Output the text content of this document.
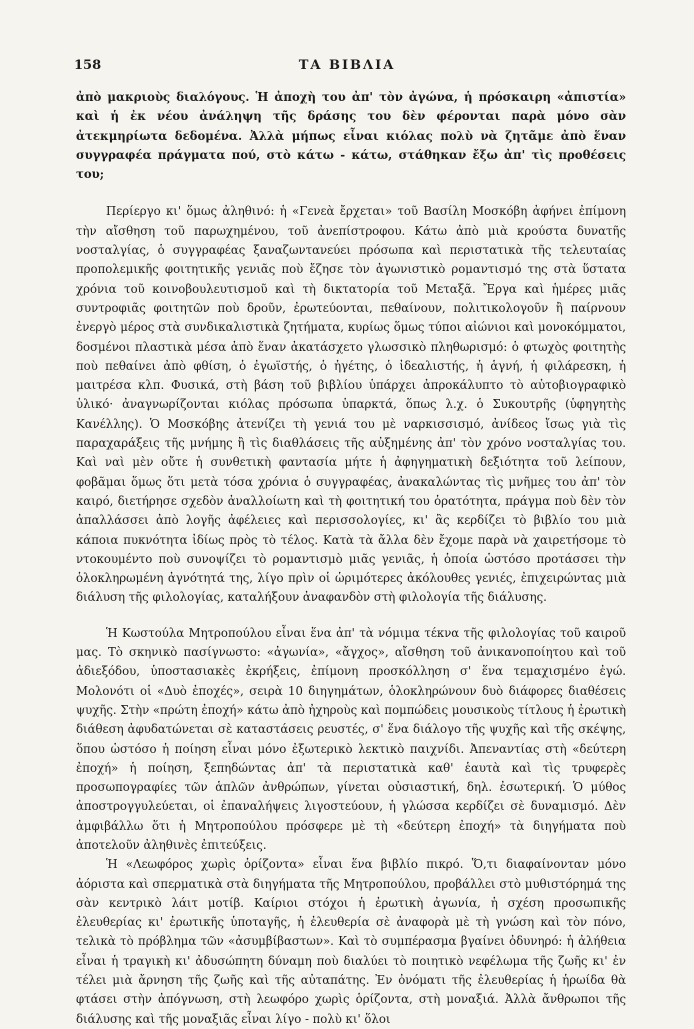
158	ΤΑ ΒΙΒΛΙΑ

ἀπὸ μακριοὺς διαλόγους. Ἡ ἀποχὴ του ἀπ' τὸν ἀγώνα, ἡ πρόσκαιρη «ἀπιστία» καὶ ἡ ἐκ νέου ἀνάληψη τῆς δράσης του δὲν φέρονται παρὰ μόνο σὰν ἀτεκμηρίωτα δεδομένα. Ἀλλὰ μήπως εἶναι κιόλας πολὺ νὰ ζητᾶμε ἀπὸ ἕναν συγγραφέα πράγματα πού, στὸ κάτω - κάτω, στάθηκαν ἔξω ἀπ' τὶς προθέσεις του;

Περίεργο κι' ὅμως ἀληθινό: ἡ «Γενεὰ ἔρχεται» τοῦ Βασίλη Μοσκόβη ἀφήνει ἐπίμονη τὴν αἴσθηση τοῦ παρωχημένου, τοῦ ἀνεπίστροφου. Κάτω ἀπὸ μιὰ κρούστα δυνατῆς νοσταλγίας, ὁ συγγραφέας ξαναζωντανεύει πρόσωπα καὶ περιστατικὰ τῆς τελευταίας προπολεμικῆς φοιτητικῆς γενιᾶς ποὺ ἔζησε τὸν ἀγωνιστικὸ ρομαντισμό της στὰ ὕστατα χρόνια τοῦ κοινοβουλευτισμοῦ καὶ τὴ δικτατορία τοῦ Μεταξᾶ. Ἔργα καὶ ἡμέρες μιᾶς συντροφιᾶς φοιτητῶν ποὺ δροῦν, ἐρωτεύονται, πεθαίνουν, πολιτικολογοῦν ἢ παίρνουν ἐνεργὸ μέρος στὰ συνδικαλιστικὰ ζητήματα, κυρίως ὅμως τύποι αἰώνιοι καὶ μονοκόμματοι, δοσμένοι πλαστικὰ μέσα ἀπὸ ἕναν ἀκατάσχετο γλωσσικὸ πληθωρισμό: ὁ φτωχὸς φοιτητὴς ποὺ πεθαίνει ἀπὸ φθίση, ὁ ἐγωϊστής, ὁ ἡγέτης, ὁ ἰδεαλιστής, ἡ ἁγνή, ἡ φιλάρεσκη, ἡ μαιτρέσα κλπ. Φυσικά, στὴ βάση τοῦ βιβλίου ὑπάρχει ἀπροκάλυπτο τὸ αὐτοβιογραφικὸ ὑλικό· ἀναγνωρίζονται κιόλας πρόσωπα ὑπαρκτά, ὅπως λ.χ. ὁ Συκουτρῆς (ὑφηγητὴς Κανέλλης). Ὁ Μοσκόβης ἀτενίζει τὴ γενιά του μὲ ναρκισσισμό, ἀνίδεος ἴσως γιὰ τὶς παραχαράξεις τῆς μνήμης ἢ τὶς διαθλάσεις τῆς αὐξημένης ἀπ' τὸν χρόνο νοσταλγίας του. Καὶ ναὶ μὲν οὔτε ἡ συνθετικὴ φαντασία μήτε ἡ ἀφηγηματικὴ δεξιότητα τοῦ λείπουν, φοβᾶμαι ὅμως ὅτι μετὰ τόσα χρόνια ὁ συγγραφέας, ἀνακαλώντας τὶς μνῆμες του ἀπ' τὸν καιρό, διετήρησε σχεδὸν ἀναλλοίωτη καὶ τὴ φοιτητική του ὁρατότητα, πράγμα ποὺ δὲν τὸν ἀπαλλάσσει ἀπὸ λογῆς ἀφέλειες καὶ περισσολογίες, κι' ἂς κερδίζει τὸ βιβλίο του μιὰ κάποια πυκνότητα ἰδίως πρὸς τὸ τέλος. Κατὰ τὰ ἄλλα δὲν ἔχομε παρὰ νὰ χαιρετήσομε τὸ ντοκουμέντο ποὺ συνοψίζει τὸ ρομαντισμὸ μιᾶς γενιᾶς, ἡ ὁποία ὡστόσο προτάσσει τὴν ὁλοκληρωμένη ἀγνότητά της, λίγο πρὶν οἱ ὡριμότερες ἀκόλουθες γενιές, ἐπιχειρώντας μιὰ διάλυση τῆς φιλολογίας, καταλήξουν ἀναφανδὸν στὴ φιλολογία τῆς διάλυσης.

Ἡ Κωστούλα Μητροπούλου εἶναι ἕνα ἀπ' τὰ νόμιμα τέκνα τῆς φιλολογίας τοῦ καιροῦ μας. Τὸ σκηνικὸ πασίγνωστο: «ἀγωνία», «ἄγχος», αἴσθηση τοῦ ἀνικανοποίητου καὶ τοῦ ἀδιεξόδου, ὑποστασιακὲς ἐκρήξεις, ἐπίμονη προσκόλληση σ' ἕνα τεμαχισμένο ἐγώ. Μολονότι οἱ «Δυὸ ἐποχές», σειρὰ 10 διηγημάτων, ὁλοκληρώνουν δυὸ διάφορες διαθέσεις ψυχῆς. Στὴν «πρώτη ἐποχή» κάτω ἀπὸ ἠχηροὺς καὶ πομπώδεις μουσικοὺς τίτλους ἡ ἐρωτικὴ διάθεση ἀφυδατώνεται σὲ καταστάσεις ρευστές, σ' ἕνα διάλογο τῆς ψυχῆς καὶ τῆς σκέψης, ὅπου ὡστόσο ἡ ποίηση εἶναι μόνο ἐξωτερικὸ λεκτικὸ παιχνίδι. Ἀπεναντίας στὴ «δεύτερη ἐποχή» ἡ ποίηση, ξεπηδώντας ἀπ' τὰ περιστατικὰ καθ' ἑαυτὰ καὶ τὶς τρυφερὲς προσωπογραφίες τῶν ἁπλῶν ἀνθρώπων, γίνεται οὐσιαστική, δηλ. ἐσωτερική. Ὁ μύθος ἀποστρογγυλεύεται, οἱ ἐπαναλήψεις λιγοστεύουν, ἡ γλώσσα κερδίζει σὲ δυναμισμό. Δὲν ἀμφιβάλλω ὅτι ἡ Μητροπούλου πρόσφερε μὲ τὴ «δεύτερη ἐποχή» τὰ διηγήματα ποὺ ἀποτελοῦν ἀληθινὲς ἐπιτεύξεις.

Ἡ «Λεωφόρος χωρὶς ὁρίζοντα» εἶναι ἕνα βιβλίο πικρό. Ὅ,τι διαφαίνονταν μόνο ἀόριστα καὶ σπερματικὰ στὰ διηγήματα τῆς Μητροπούλου, προβάλλει στὸ μυθιστόρημά της σὰν κεντρικὸ λάιτ μοτίβ. Καίριοι στόχοι ἡ ἐρωτικὴ ἀγωνία, ἡ σχέση προσωπικῆς ἐλευθερίας κι' ἐρωτικῆς ὑποταγῆς, ἡ ἐλευθερία σὲ ἀναφορὰ μὲ τὴ γνώση καὶ τὸν πόνο, τελικὰ τὸ πρόβλημα τῶν «ἀσυμβίβαστων». Καὶ τὸ συμπέρασμα βγαίνει ὀδυνηρό: ἡ ἀλήθεια εἶναι ἡ τραγικὴ κι' ἀδυσώπητη δύναμη ποὺ διαλύει τὸ ποιητικὸ νεφέλωμα τῆς ζωῆς κι' ἐν τέλει μιὰ ἄρνηση τῆς ζωῆς καὶ τῆς αὐταπάτης. Ἐν ὀνόματι τῆς ἐλευθερίας ἡ ἡρωίδα θὰ φτάσει στὴν ἀπόγνωση, στὴ λεωφόρο χωρὶς ὁρίζοντα, στὴ μοναξιά. Ἀλλὰ ἄνθρωποι τῆς διάλυσης καὶ τῆς μοναξιᾶς εἶναι λίγο - πολὺ κι' ὅλοι
